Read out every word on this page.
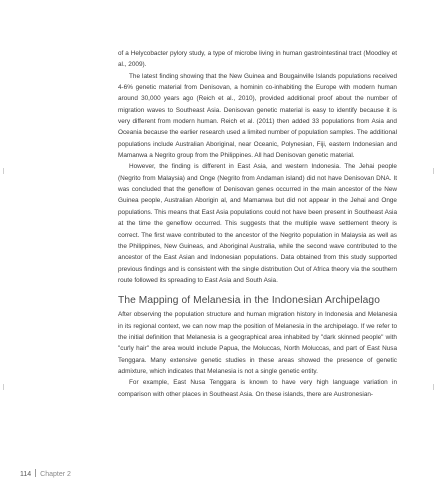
of a Helycobacter pylory study, a type of microbe living in human gastrointestinal tract (Moodley et al., 2009).

The latest finding showing that the New Guinea and Bougainville Islands populations received 4-6% genetic material from Denisovan, a hominin co-inhabiting the Europe with modern human around 30,000 years ago (Reich et al., 2010), provided additional proof about the number of migration waves to Southeast Asia. Denisovan genetic material is easy to identify because it is very different from modern human. Reich et al. (2011) then added 33 populations from Asia and Oceania because the earlier research used a limited number of population samples. The additional populations include Australian Aboriginal, near Oceanic, Polynesian, Fiji, eastern Indonesian and Mamanwa a Negrito group from the Philippines. All had Denisovan genetic material.

However, the finding is different in East Asia, and western Indonesia. The Jehai people (Negrito from Malaysia) and Onge (Negrito from Andaman island) did not have Denisovan DNA. It was concluded that the geneflow of Denisovan genes occurred in the main ancestor of the New Guinea people, Australian Aborigin al, and Mamanwa but did not appear in the Jehai and Onge populations. This means that East Asia populations could not have been present in Southeast Asia at the time the geneflow occurred. This suggests that the multiple wave settlement theory is correct. The first wave contributed to the ancestor of the Negrito population in Malaysia as well as the Philippines, New Guineas, and Aboriginal Australia, while the second wave contributed to the ancestor of the East Asian and Indonesian populations. Data obtained from this study supported previous findings and is consistent with the single distribution Out of Africa theory via the southern route followed its spreading to East Asia and South Asia.

The Mapping of Melanesia in the Indonesian Archipelago

After observing the population structure and human migration history in Indonesia and Melanesia in its regional context, we can now map the position of Melanesia in the archipelago. If we refer to the initial definition that Melanesia is a geographical area inhabited by "dark skinned people" with "curly hair" the area would include Papua, the Moluccas, North Moluccas, and part of East Nusa Tenggara. Many extensive genetic studies in these areas showed the presence of genetic admixture, which indicates that Melanesia is not a single genetic entity.

For example, East Nusa Tenggara is known to have very high language variation in comparison with other places in Southeast Asia. On these islands, there are Austronesian-

114 Chapter 2
